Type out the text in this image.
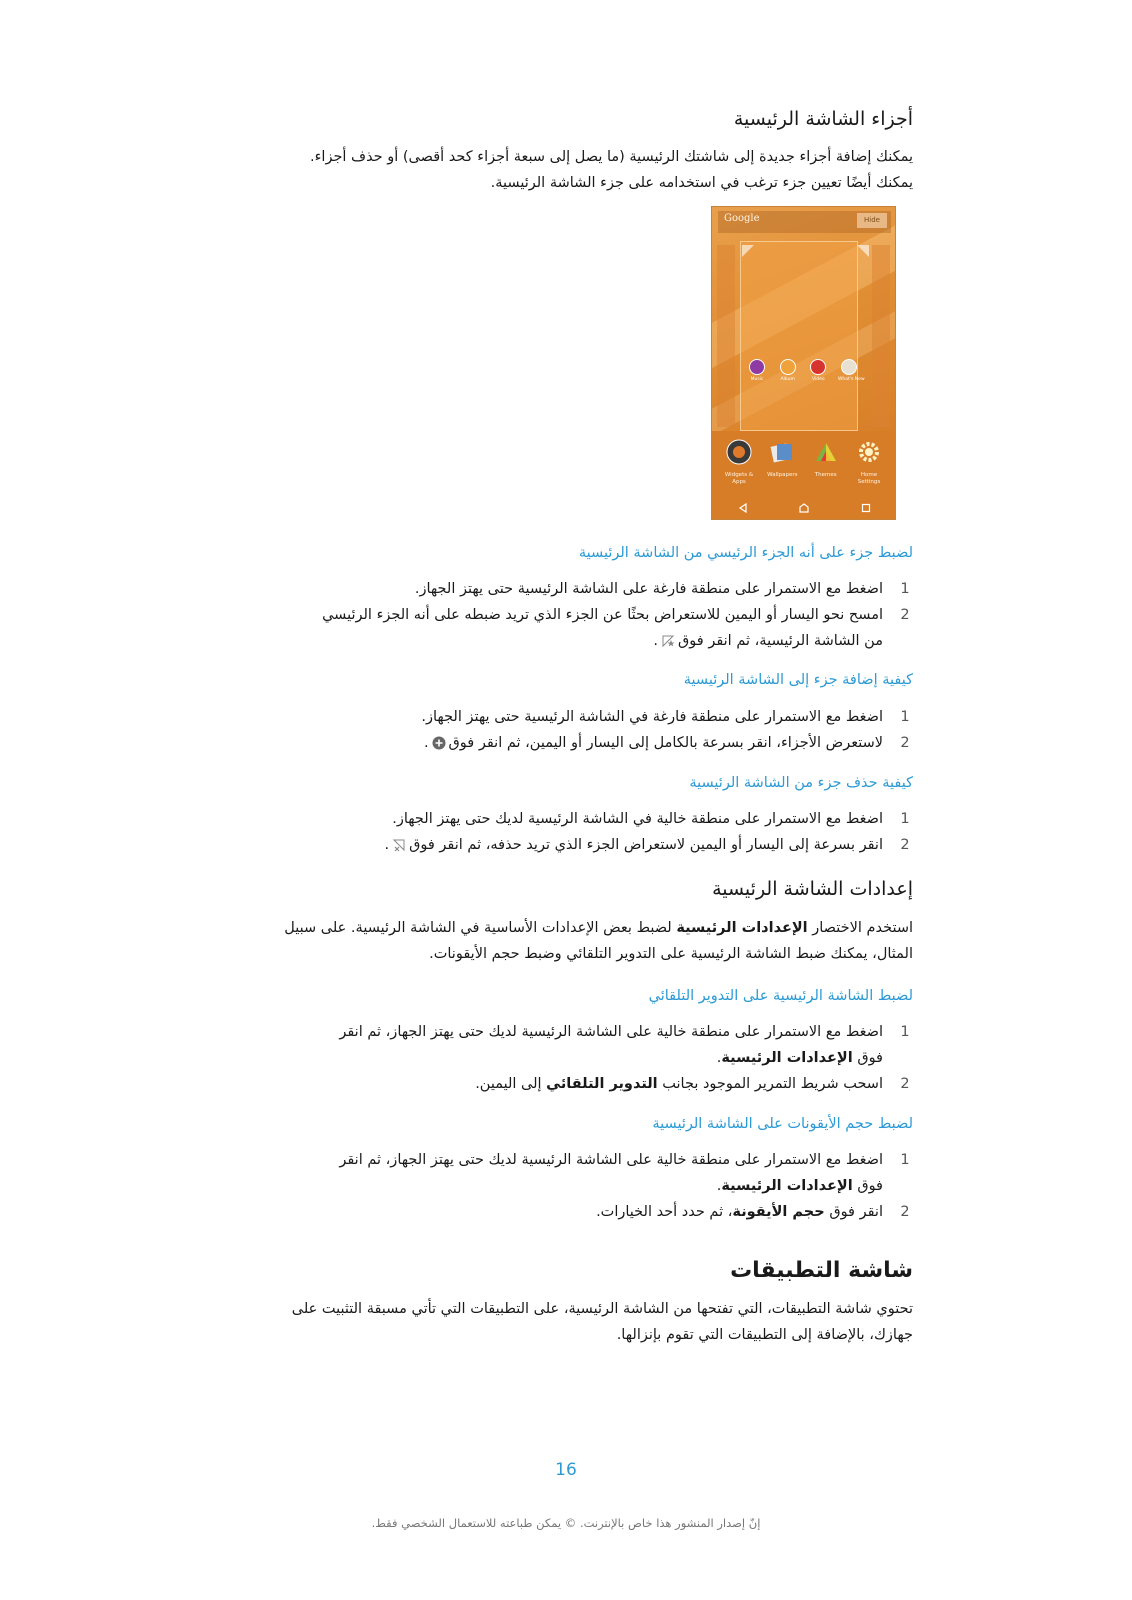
أجزاء الشاشة الرئيسية
يمكنك إضافة أجزاء جديدة إلى شاشتك الرئيسية (ما يصل إلى سبعة أجزاء كحد أقصى) أو حذف أجزاء.
يمكنك أيضًا تعيين جزء ترغب في استخدامه على جزء الشاشة الرئيسية.
لضبط جزء على أنه الجزء الرئيسي من الشاشة الرئيسية
1
اضغط مع الاستمرار على منطقة فارغة على الشاشة الرئيسية حتى يهتز الجهاز.
2
امسح نحو اليسار أو اليمين للاستعراض بحثًا عن الجزء الذي تريد ضبطه على أنه الجزء الرئيسي
من الشاشة الرئيسية، ثم انقر فوق.
كيفية إضافة جزء إلى الشاشة الرئيسية
1
اضغط مع الاستمرار على منطقة فارغة في الشاشة الرئيسية حتى يهتز الجهاز.
2
لاستعرض الأجزاء، انقر بسرعة بالكامل إلى اليسار أو اليمين، ثم انقر فوق.
كيفية حذف جزء من الشاشة الرئيسية
1
اضغط مع الاستمرار على منطقة خالية في الشاشة الرئيسية لديك حتى يهتز الجهاز.
2
انقر بسرعة إلى اليسار أو اليمين لاستعراض الجزء الذي تريد حذفه، ثم انقر فوق.
إعدادات الشاشة الرئيسية
استخدم الاختصار الإعدادات الرئيسية لضبط بعض الإعدادات الأساسية في الشاشة الرئيسية. على سبيل
المثال، يمكنك ضبط الشاشة الرئيسية على التدوير التلقائي وضبط حجم الأيقونات.
لضبط الشاشة الرئيسية على التدوير التلقائي
1
اضغط مع الاستمرار على منطقة خالية على الشاشة الرئيسية لديك حتى يهتز الجهاز، ثم انقر
فوق الإعدادات الرئيسية.
2
اسحب شريط التمرير الموجود بجانب التدوير التلقائي إلى اليمين.
لضبط حجم الأيقونات على الشاشة الرئيسية
1
اضغط مع الاستمرار على منطقة خالية على الشاشة الرئيسية لديك حتى يهتز الجهاز، ثم انقر
فوق الإعدادات الرئيسية.
2
انقر فوق حجم الأيقونة، ثم حدد أحد الخيارات.
شاشة التطبيقات
تحتوي شاشة التطبيقات، التي تفتحها من الشاشة الرئيسية، على التطبيقات التي تأتي مسبقة التثبيت على
جهازك، بالإضافة إلى التطبيقات التي تقوم بإنزالها.
Google	Hide
Music	Album	Video	What's New
Widgets &
Apps
Wallpapers	Themes	Home
Settings
16
إنّ إصدار المنشور هذا خاص بالإنترنت. © يمكن طباعته للاستعمال الشخصي فقط.
